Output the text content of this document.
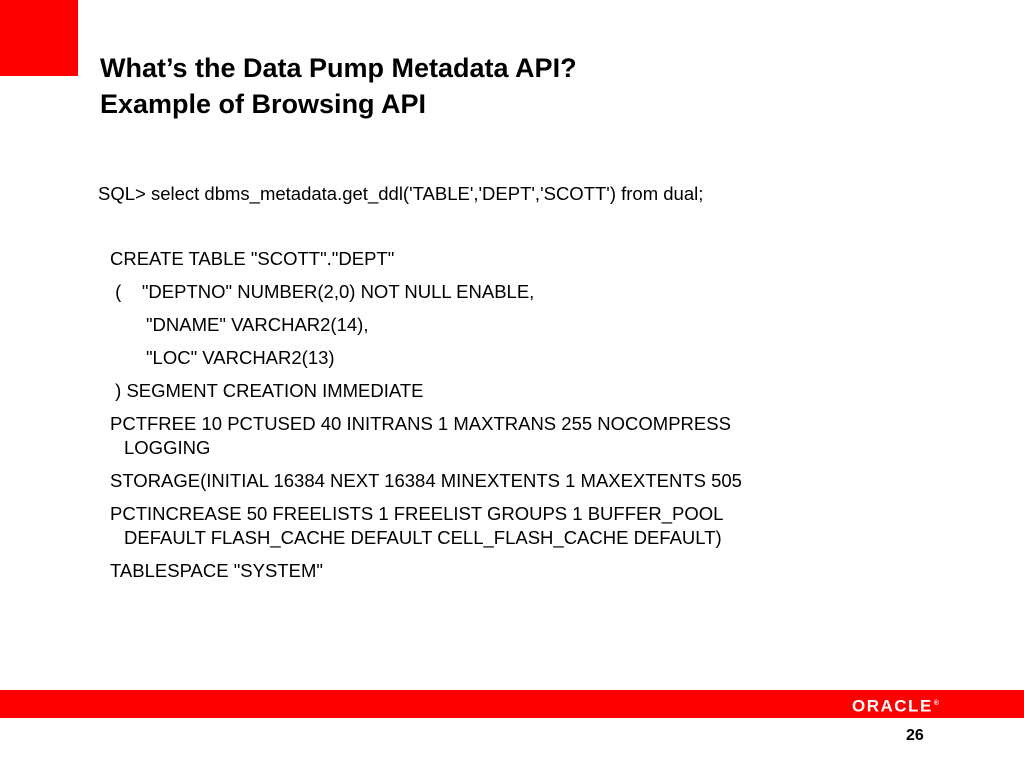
What’s the Data Pump Metadata API?
Example of Browsing API
SQL> select dbms_metadata.get_ddl('TABLE','DEPT','SCOTT') from dual;
CREATE TABLE "SCOTT"."DEPT"
(    "DEPTNO" NUMBER(2,0) NOT NULL ENABLE,
"DNAME" VARCHAR2(14),
"LOC" VARCHAR2(13)
) SEGMENT CREATION IMMEDIATE
PCTFREE 10 PCTUSED 40 INITRANS 1 MAXTRANS 255 NOCOMPRESS
LOGGING
STORAGE(INITIAL 16384 NEXT 16384 MINEXTENTS 1 MAXEXTENTS 505
PCTINCREASE 50 FREELISTS 1 FREELIST GROUPS 1 BUFFER_POOL
DEFAULT FLASH_CACHE DEFAULT CELL_FLASH_CACHE DEFAULT)
TABLESPACE "SYSTEM"
ORACLE®
26
